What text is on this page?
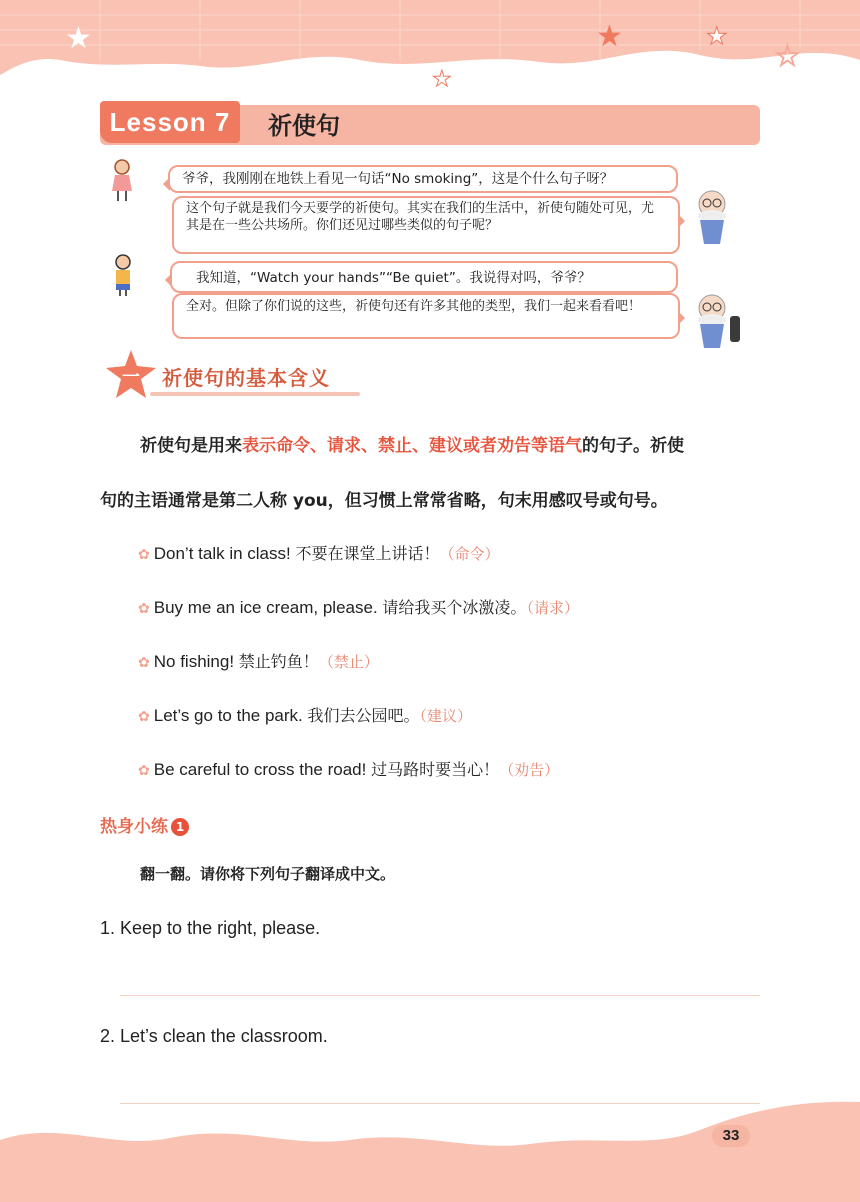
★	★	★
★
☆
Lesson 7	祈使句
爷爷，我刚刚在地铁上看见一句话“No smoking”，这是个什么句子呀？
这个句子就是我们今天要学的祈使句。其实在我们的生活中，祈使句随处可见，尤其是在一些公共场所。你们还见过哪些类似的句子呢？
我知道，“Watch your hands”“Be quiet”。我说得对吗，爷爷？
全对。但除了你们说的这些，祈使句还有许多其他的类型，我们一起来看看吧！
一	祈使句的基本含义
祈使句是用来表示命令、请求、禁止、建议或者劝告等语气的句子。祈使
句的主语通常是第二人称 you，但习惯上常常省略，句末用感叹号或句号。
✿ Don’t talk in class! 不要在课堂上讲话！（命令）
✿ Buy me an ice cream, please. 请给我买个冰激凌。（请求）
✿ No fishing! 禁止钓鱼！（禁止）
✿ Let’s go to the park. 我们去公园吧。（建议）
✿ Be careful to cross the road! 过马路时要当心！（劝告）
热身小练 1
翻一翻。请你将下列句子翻译成中文。
1. Keep to the right, please.
2. Let’s clean the classroom.
33
